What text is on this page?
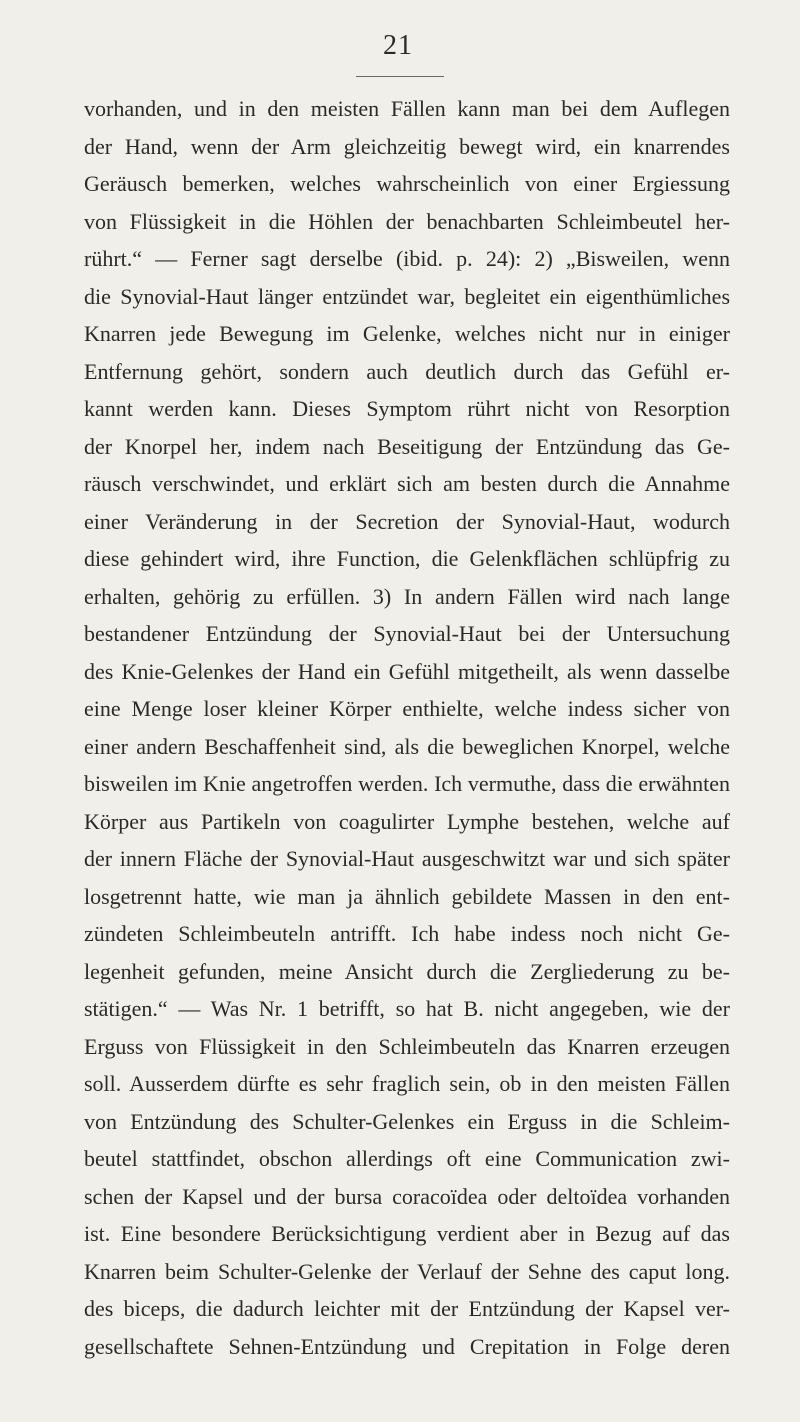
21
vorhanden, und in den meisten Fällen kann man bei dem Auflegen
der Hand, wenn der Arm gleichzeitig bewegt wird, ein knarrendes
Geräusch bemerken, welches wahrscheinlich von einer Ergiessung
von Flüssigkeit in die Höhlen der benachbarten Schleimbeutel her-
rührt.“ — Ferner sagt derselbe (ibid. p. 24): 2) „Bisweilen, wenn
die Synovial-Haut länger entzündet war, begleitet ein eigenthümliches
Knarren jede Bewegung im Gelenke, welches nicht nur in einiger
Entfernung gehört, sondern auch deutlich durch das Gefühl er-
kannt werden kann. Dieses Symptom rührt nicht von Resorption
der Knorpel her, indem nach Beseitigung der Entzündung das Ge-
räusch verschwindet, und erklärt sich am besten durch die Annahme
einer Veränderung in der Secretion der Synovial-Haut, wodurch
diese gehindert wird, ihre Function, die Gelenkflächen schlüpfrig zu
erhalten, gehörig zu erfüllen. 3) In andern Fällen wird nach lange
bestandener Entzündung der Synovial-Haut bei der Untersuchung
des Knie-Gelenkes der Hand ein Gefühl mitgetheilt, als wenn dasselbe
eine Menge loser kleiner Körper enthielte, welche indess sicher von
einer andern Beschaffenheit sind, als die beweglichen Knorpel, welche
bisweilen im Knie angetroffen werden. Ich vermuthe, dass die erwähnten
Körper aus Partikeln von coagulirter Lymphe bestehen, welche auf
der innern Fläche der Synovial-Haut ausgeschwitzt war und sich später
losgetrennt hatte, wie man ja ähnlich gebildete Massen in den ent-
zündeten Schleimbeuteln antrifft. Ich habe indess noch nicht Ge-
legenheit gefunden, meine Ansicht durch die Zergliederung zu be-
stätigen.“ — Was Nr. 1 betrifft, so hat B. nicht angegeben, wie der
Erguss von Flüssigkeit in den Schleimbeuteln das Knarren erzeugen
soll. Ausserdem dürfte es sehr fraglich sein, ob in den meisten Fällen
von Entzündung des Schulter-Gelenkes ein Erguss in die Schleim-
beutel stattfindet, obschon allerdings oft eine Communication zwi-
schen der Kapsel und der bursa coracoïdea oder deltoïdea vorhanden
ist. Eine besondere Berücksichtigung verdient aber in Bezug auf das
Knarren beim Schulter-Gelenke der Verlauf der Sehne des caput long.
des biceps, die dadurch leichter mit der Entzündung der Kapsel ver-
gesellschaftete Sehnen-Entzündung und Crepitation in Folge deren
